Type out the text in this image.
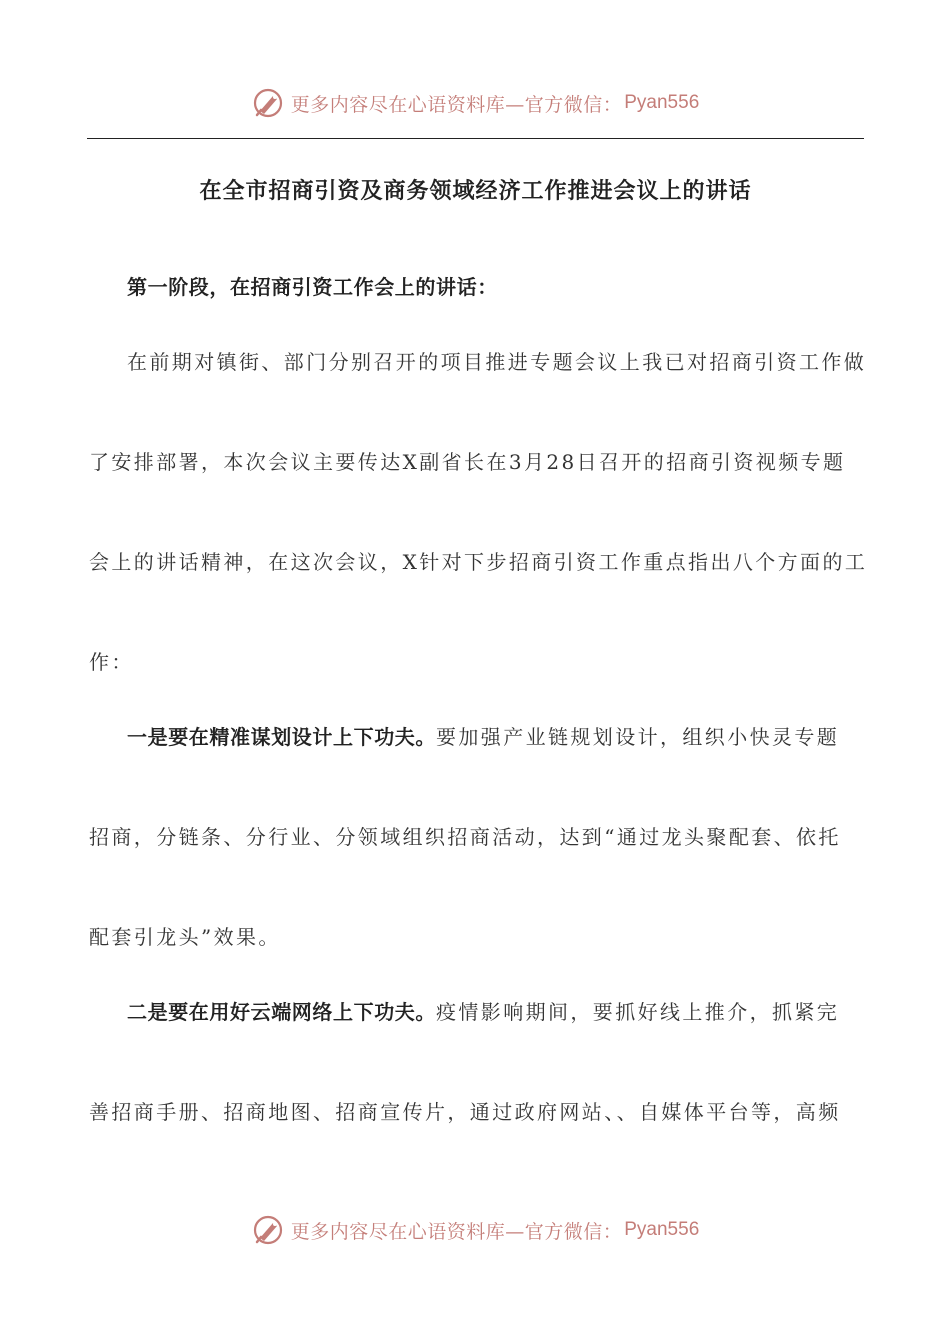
更多内容尽在心语资料库—官方微信： Pyan556
在全市招商引资及商务领域经济工作推进会议上的讲话

第一阶段，在招商引资工作会上的讲话：

在前期对镇街、部门分别召开的项目推进专题会议上我已对招商引资工作做

了安排部署，本次会议主要传达X副省长在3月28日召开的招商引资视频专题

会上的讲话精神，在这次会议，X针对下步招商引资工作重点指出八个方面的工

作：

一是要在精准谋划设计上下功夫。要加强产业链规划设计，组织小快灵专题

招商，分链条、分行业、分领域组织招商活动，达到“通过龙头聚配套、依托

配套引龙头”效果。

二是要在用好云端网络上下功夫。疫情影响期间，要抓好线上推介，抓紧完

善招商手册、招商地图、招商宣传片，通过政府网站、、自媒体平台等，高频

更多内容尽在心语资料库—官方微信： Pyan556
